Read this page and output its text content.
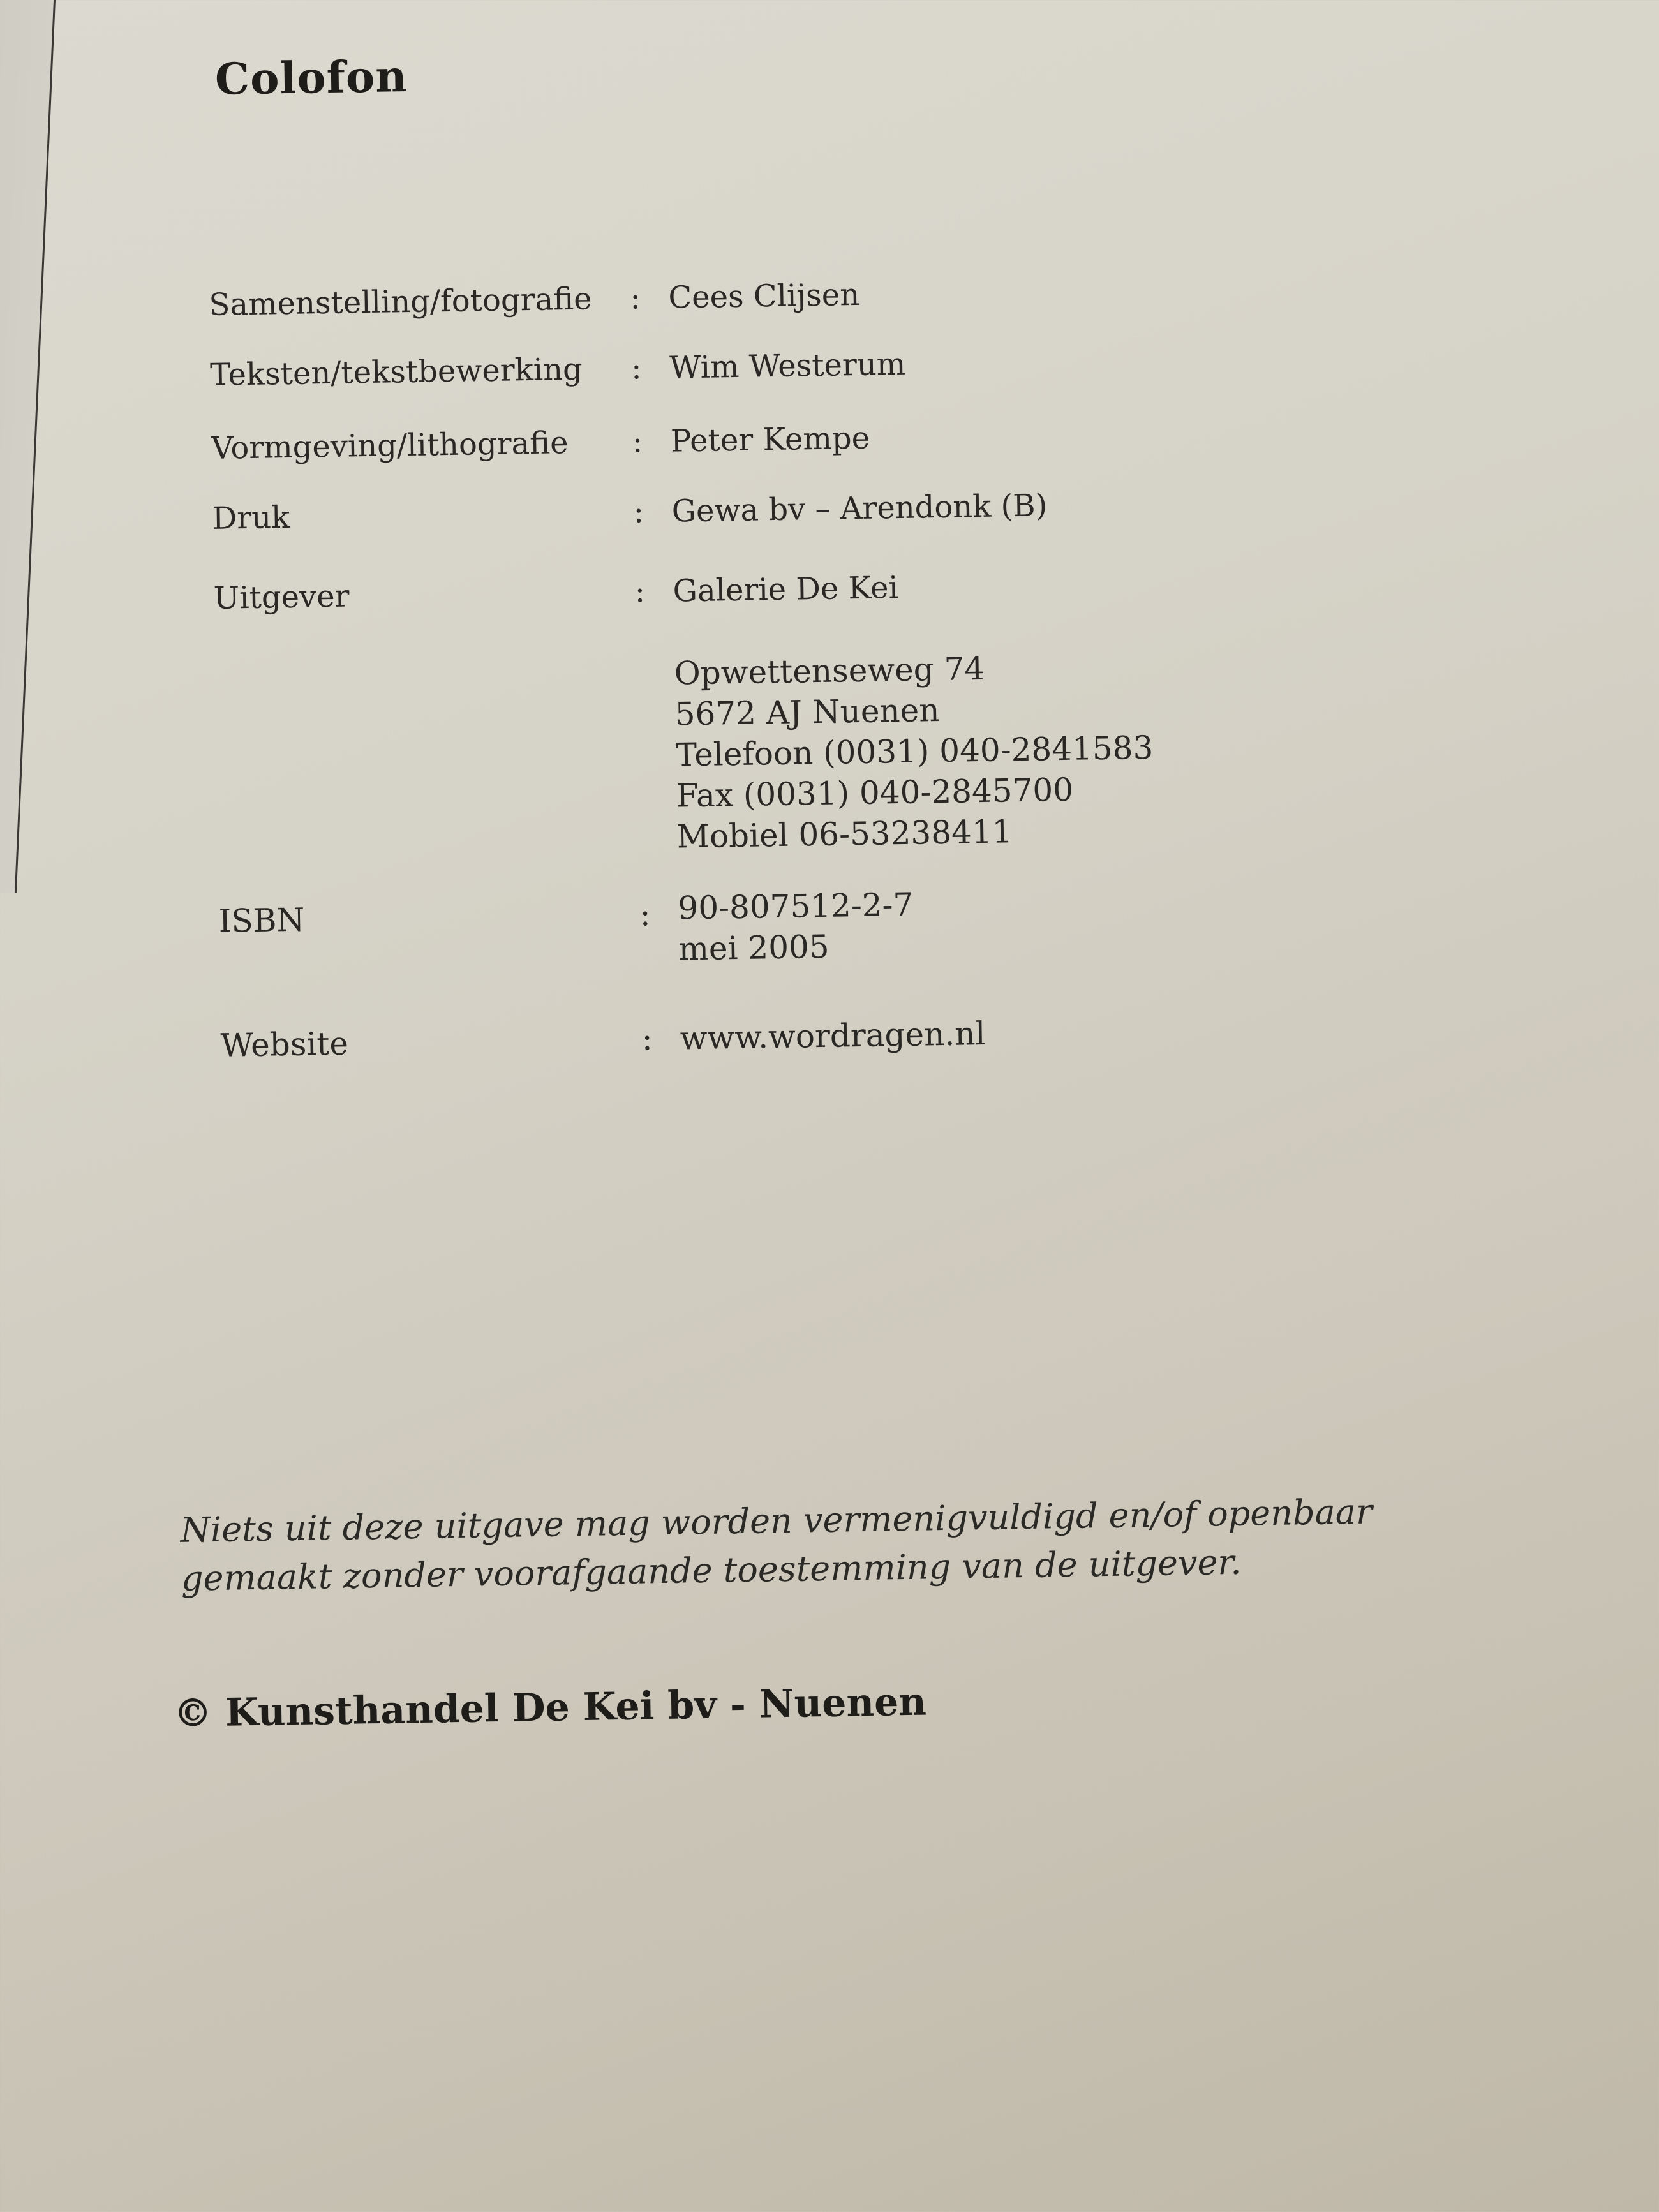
Colofon
Samenstelling/fotografie : Cees Clijsen
Teksten/tekstbewerking : Wim Westerum
Vormgeving/lithografie : Peter Kempe
Druk	: Gewa bv – Arendonk (B)
Uitgever	: Galerie De Kei
Opwettenseweg 74
5672 AJ Nuenen
Telefoon (0031) 040-2841583
Fax (0031) 040-2845700
Mobiel 06-53238411
ISBN	: 90-807512-2-7
mei 2005
Website	: www.wordragen.nl
Niets uit deze uitgave mag worden vermenigvuldigd en/of openbaar gemaakt zonder voorafgaande toestemming van de uitgever.
© Kunsthandel De Kei bv - Nuenen
